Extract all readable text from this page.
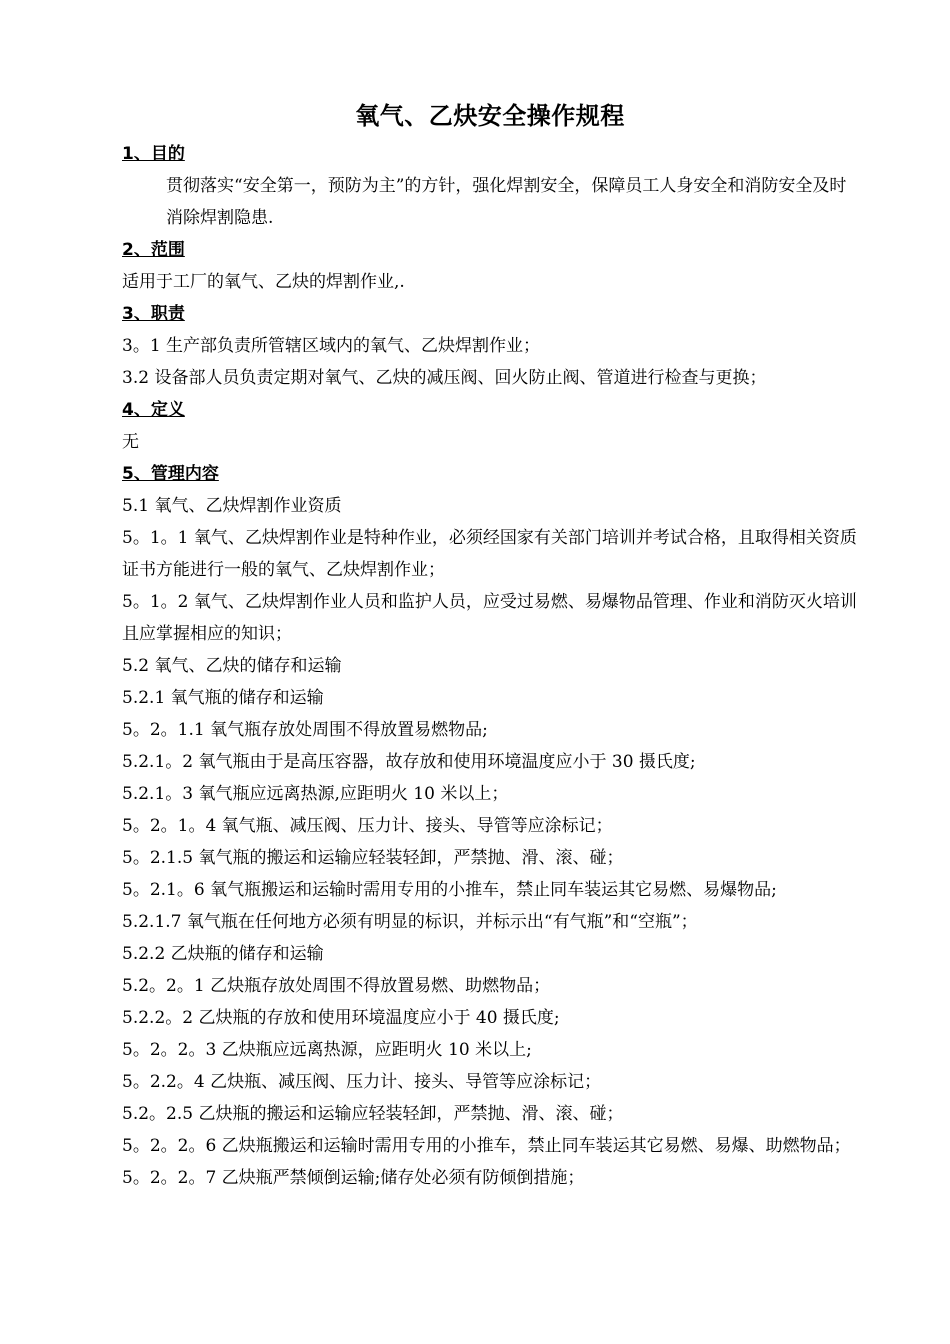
氧气、乙炔安全操作规程
1、目的

贯彻落实“安全第一，预防为主”的方针，强化焊割安全，保障员工人身安全和消防安全及时消除焊割隐患.

2、范围

适用于工厂的氧气、乙炔的焊割作业,.

3、职责

3。1 生产部负责所管辖区域内的氧气、乙炔焊割作业；

3.2 设备部人员负责定期对氧气、乙炔的减压阀、回火防止阀、管道进行检查与更换；

4、定义

无

5、管理内容

5.1 氧气、乙炔焊割作业资质

5。1。1 氧气、乙炔焊割作业是特种作业，必须经国家有关部门培训并考试合格，且取得相关资质证书方能进行一般的氧气、乙炔焊割作业；

5。1。2 氧气、乙炔焊割作业人员和监护人员，应受过易燃、易爆物品管理、作业和消防灭火培训且应掌握相应的知识；

5.2 氧气、乙炔的储存和运输

5.2.1 氧气瓶的储存和运输

5。2。1.1 氧气瓶存放处周围不得放置易燃物品;

5.2.1。2 氧气瓶由于是高压容器，故存放和使用环境温度应小于 30 摄氏度;

5.2.1。3 氧气瓶应远离热源,应距明火 10 米以上；

5。2。1。4 氧气瓶、减压阀、压力计、接头、导管等应涂标记；

5。2.1.5 氧气瓶的搬运和运输应轻装轻卸，严禁抛、滑、滚、碰；

5。2.1。6 氧气瓶搬运和运输时需用专用的小推车，禁止同车装运其它易燃、易爆物品;

5.2.1.7 氧气瓶在任何地方必须有明显的标识，并标示出“有气瓶”和“空瓶”；

5.2.2 乙炔瓶的储存和运输

5.2。2。1 乙炔瓶存放处周围不得放置易燃、助燃物品；

5.2.2。2 乙炔瓶的存放和使用环境温度应小于 40 摄氏度;

5。2。2。3 乙炔瓶应远离热源，应距明火 10 米以上;

5。2.2。4 乙炔瓶、减压阀、压力计、接头、导管等应涂标记；

5.2。2.5 乙炔瓶的搬运和运输应轻装轻卸，严禁抛、滑、滚、碰；

5。2。2。6 乙炔瓶搬运和运输时需用专用的小推车，禁止同车装运其它易燃、易爆、助燃物品；

5。2。2。7 乙炔瓶严禁倾倒运输;储存处必须有防倾倒措施；
